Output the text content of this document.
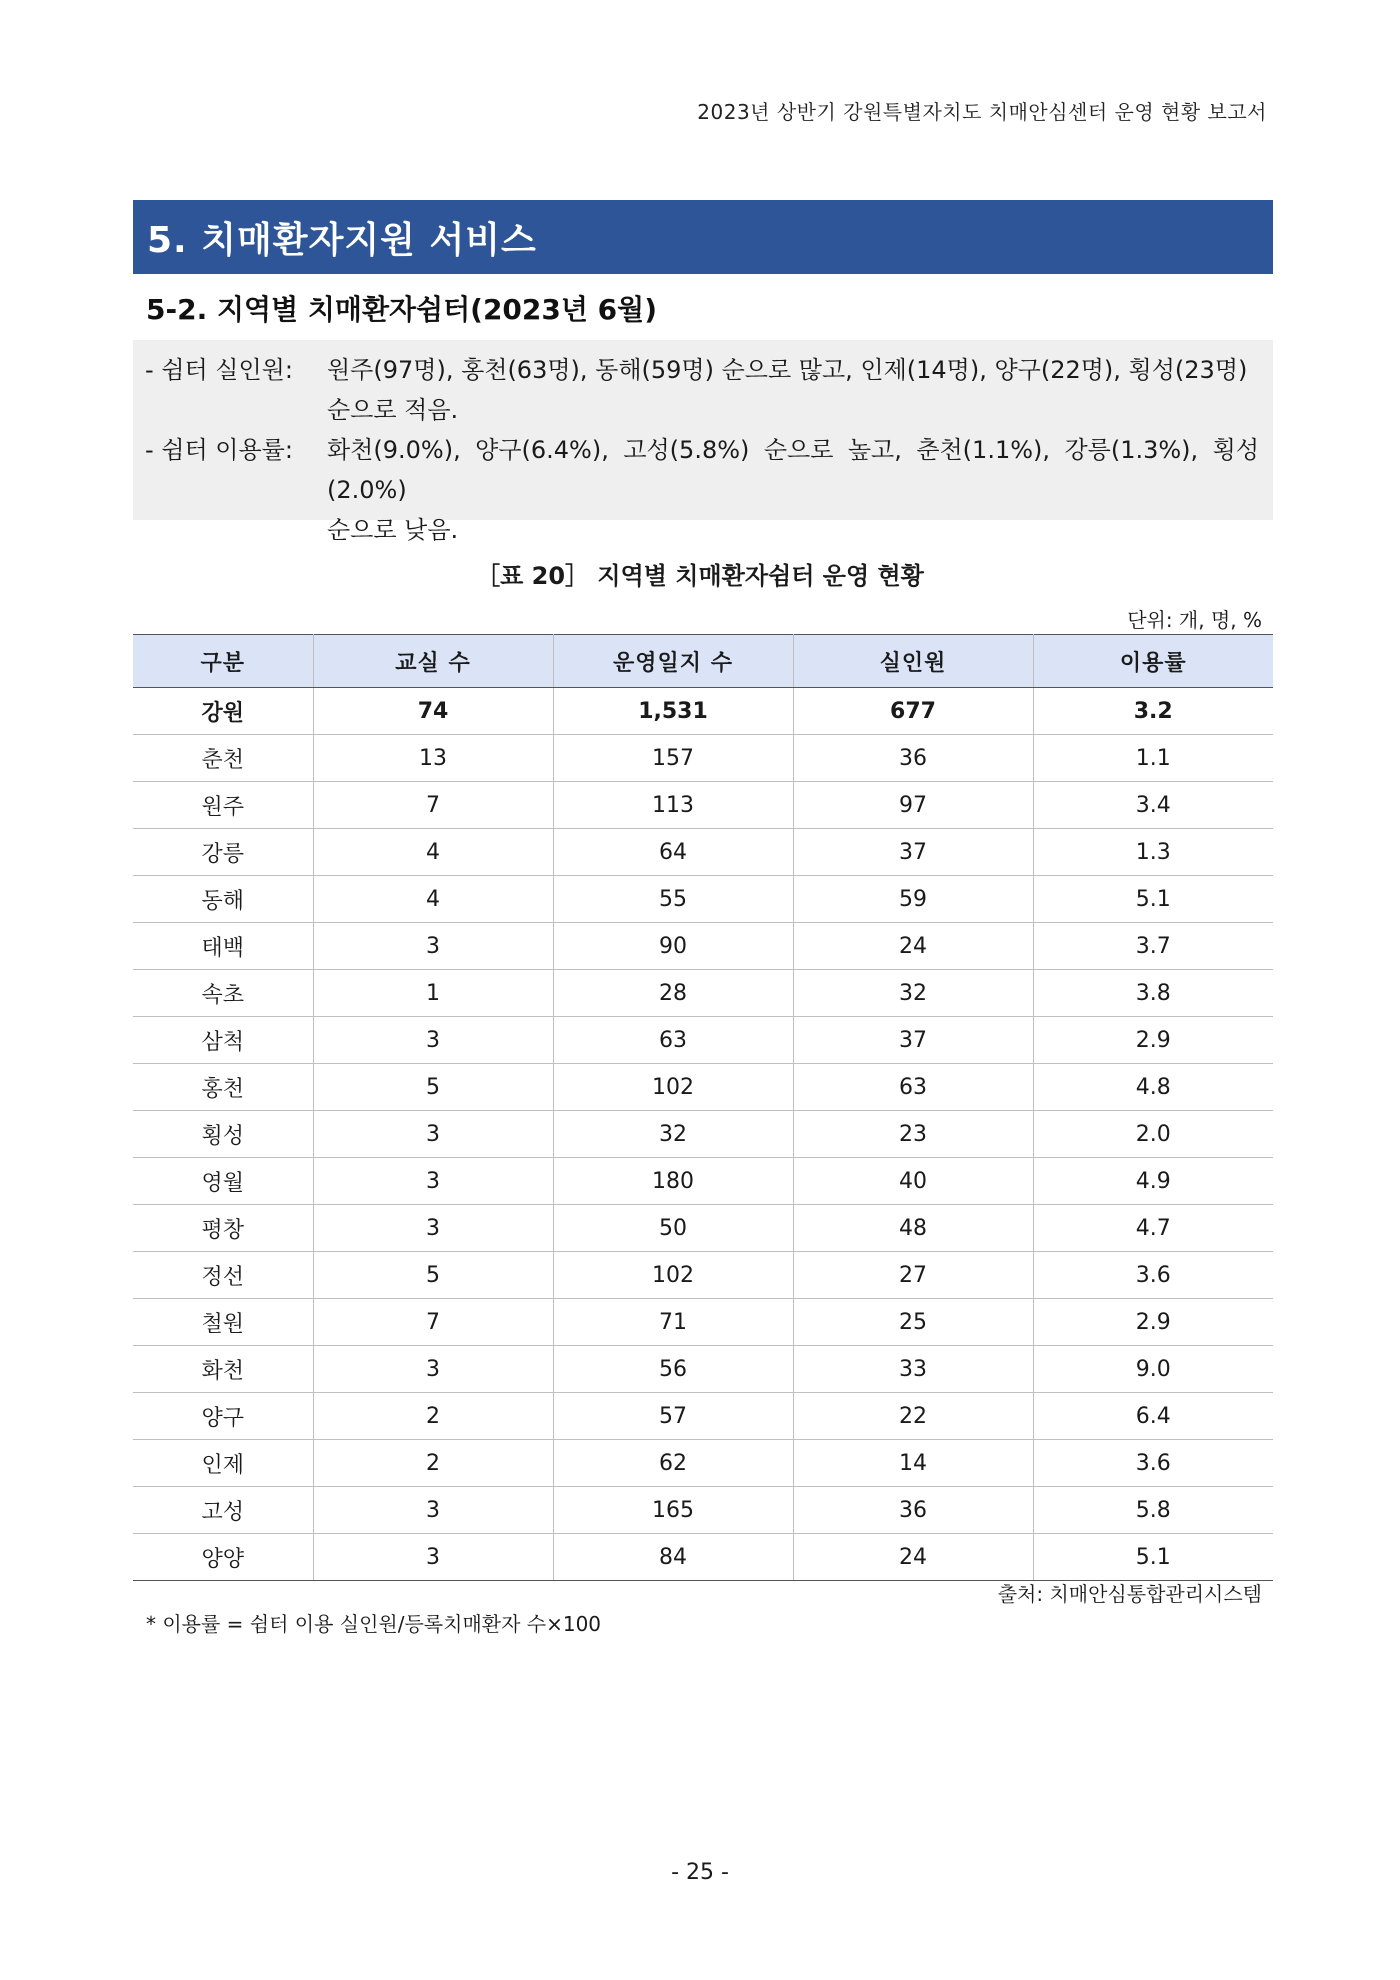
2023년 상반기 강원특별자치도 치매안심센터 운영 현황 보고서
5. 치매환자지원 서비스
5-2. 지역별 치매환자쉼터(2023년 6월)
- 쉼터 실인원:	원주(97명), 홍천(63명), 동해(59명) 순으로 많고, 인제(14명), 양구(22명), 횡성(23명)
순으로 적음.
- 쉼터 이용률:	화천(9.0%), 양구(6.4%), 고성(5.8%) 순으로 높고, 춘천(1.1%), 강릉(1.3%), 횡성(2.0%)
순으로 낮음.
［표 20］ 지역별 치매환자쉼터 운영 현황
단위: 개, 명, %
구분	교실 수	운영일지 수	실인원	이용률
강원	74	1,531	677	3.2
춘천	13	157	36	1.1
원주	7	113	97	3.4
강릉	4	64	37	1.3
동해	4	55	59	5.1
태백	3	90	24	3.7
속초	1	28	32	3.8
삼척	3	63	37	2.9
홍천	5	102	63	4.8
횡성	3	32	23	2.0
영월	3	180	40	4.9
평창	3	50	48	4.7
정선	5	102	27	3.6
철원	7	71	25	2.9
화천	3	56	33	9.0
양구	2	57	22	6.4
인제	2	62	14	3.6
고성	3	165	36	5.8
양양	3	84	24	5.1
출처: 치매안심통합관리시스템
* 이용률 = 쉼터 이용 실인원/등록치매환자 수×100
- 25 -
